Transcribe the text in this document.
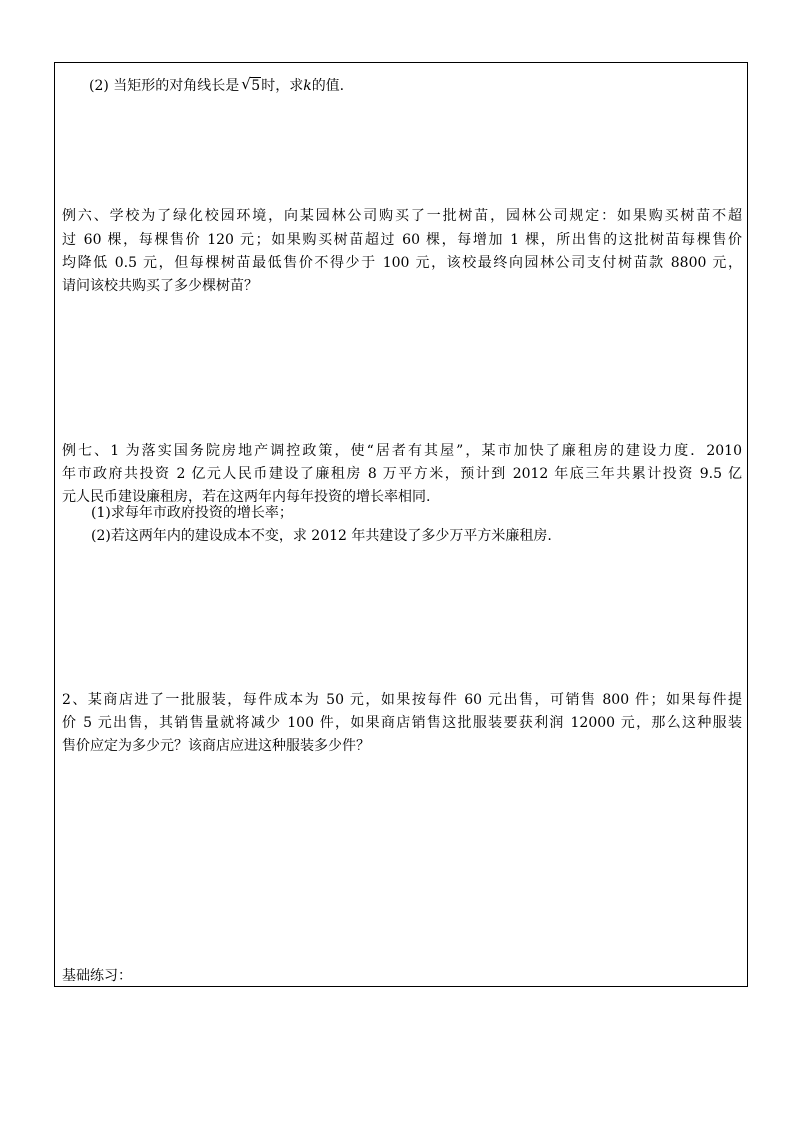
(2) 当矩形的对角线长是 √ 5时，求k的值.
例六、学校为了绿化校园环境，向某园林公司购买了一批树苗，园林公司规定：如果购买树苗不超
过 60 棵，每棵售价 120 元；如果购买树苗超过 60 棵，每增加 1 棵，所出售的这批树苗每棵售价
均降低 0.5 元，但每棵树苗最低售价不得少于 100 元，该校最终向园林公司支付树苗款 8800 元，
请问该校共购买了多少棵树苗？
例七、1 为落实国务院房地产调控政策，使“居者有其屋”，某市加快了廉租房的建设力度．2010
年市政府共投资 2 亿元人民币建设了廉租房 8 万平方米，预计到 2012 年底三年共累计投资 9.5 亿
元人民币建设廉租房，若在这两年内每年投资的增长率相同.
(1)求每年市政府投资的增长率；
(2)若这两年内的建设成本不变，求 2012 年共建设了多少万平方米廉租房.
2、某商店进了一批服装，每件成本为 50 元，如果按每件 60 元出售，可销售 800 件；如果每件提
价 5 元出售，其销售量就将减少 100 件，如果商店销售这批服装要获利润 12000 元，那么这种服装
售价应定为多少元？该商店应进这种服装多少件？
基础练习：
